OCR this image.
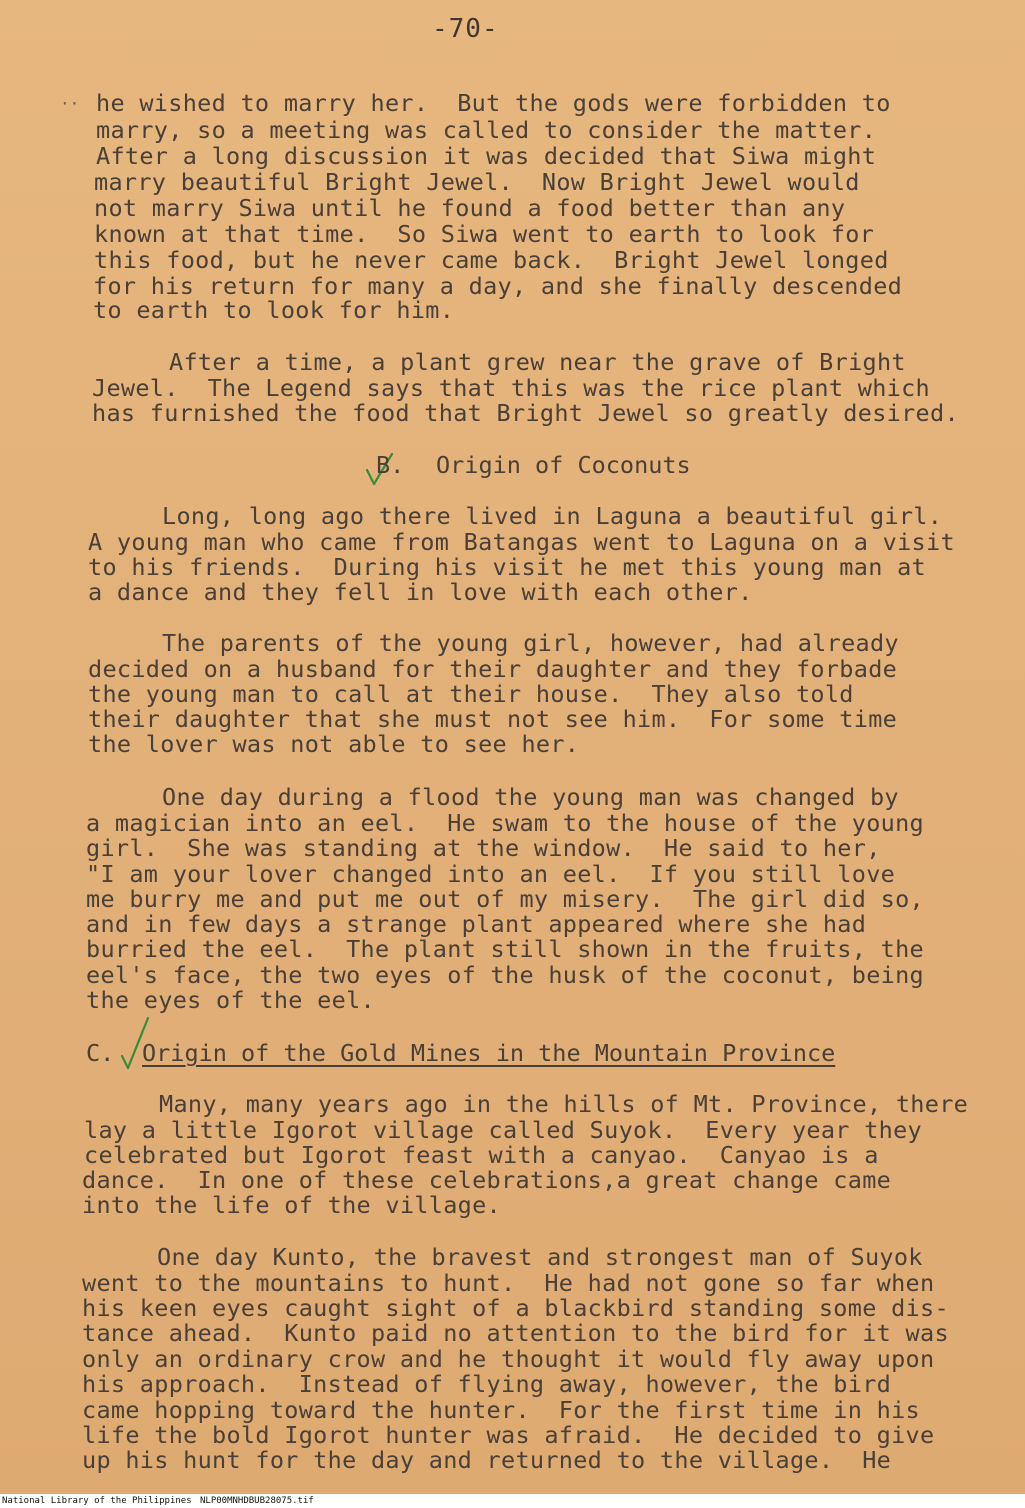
-70-
·· he wished to marry her.  But the gods were forbidden to
marry, so a meeting was called to consider the matter.
After a long discussion it was decided that Siwa might
marry beautiful Bright Jewel.  Now Bright Jewel would
not marry Siwa until he found a food better than any
known at that time.  So Siwa went to earth to look for
this food, but he never came back.  Bright Jewel longed
for his return for many a day, and she finally descended
to earth to look for him.
After a time, a plant grew near the grave of Bright
Jewel.  The Legend says that this was the rice plant which
has furnished the food that Bright Jewel so greatly desired.
B. Origin of Coconuts
Long, long ago there lived in Laguna a beautiful girl.
A young man who came from Batangas went to Laguna on a visit
to his friends.  During his visit he met this young man at
a dance and they fell in love with each other.
The parents of the young girl, however, had already
decided on a husband for their daughter and they forbade
the young man to call at their house.  They also told
their daughter that she must not see him.  For some time
the lover was not able to see her.
One day during a flood the young man was changed by
a magician into an eel.  He swam to the house of the young
girl.  She was standing at the window.  He said to her,
"I am your lover changed into an eel.  If you still love
me burry me and put me out of my misery.  The girl did so,
and in few days a strange plant appeared where she had
burried the eel.  The plant still shown in the fruits, the
eel's face, the two eyes of the husk of the coconut, being
the eyes of the eel.
C. Origin of the Gold Mines in the Mountain Province
Many, many years ago in the hills of Mt. Province, there
lay a little Igorot village called Suyok.  Every year they
celebrated but Igorot feast with a canyao.  Canyao is a
dance.  In one of these celebrations,a great change came
into the life of the village.
One day Kunto, the bravest and strongest man of Suyok
went to the mountains to hunt.  He had not gone so far when
his keen eyes caught sight of a blackbird standing some dis-
tance ahead.  Kunto paid no attention to the bird for it was
only an ordinary crow and he thought it would fly away upon
his approach.  Instead of flying away, however, the bird
came hopping toward the hunter.  For the first time in his
life the bold Igorot hunter was afraid.  He decided to give
up his hunt for the day and returned to the village.  He
National Library of the Philippines NLP00MNHDBUB28075.tif
